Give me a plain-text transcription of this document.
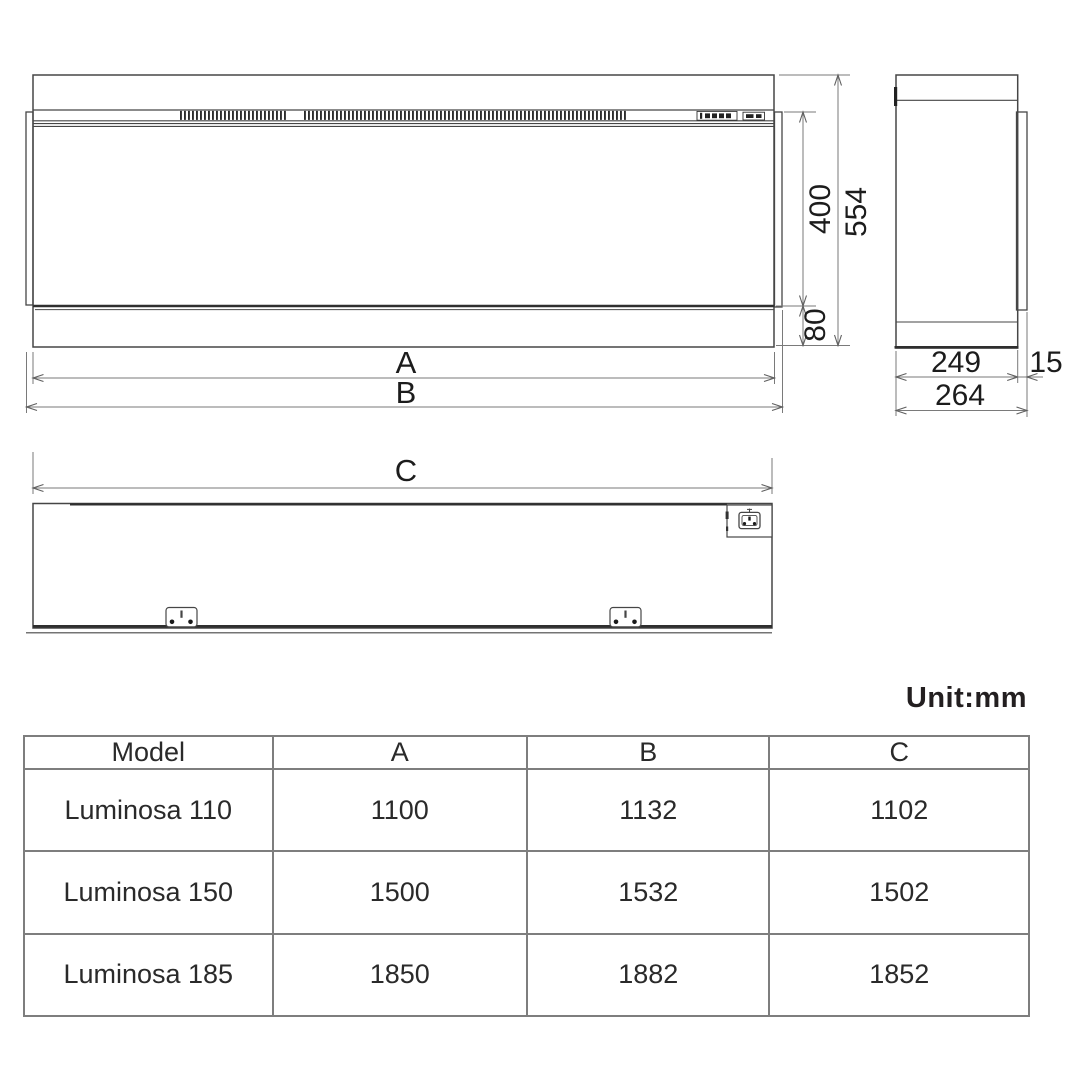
400 554
80
A
B
249 15
264
C
Unit:mm
Model	A	B	C
Luminosa 110	1100	1132	1102
Luminosa 150	1500	1532	1502
Luminosa 185	1850	1882	1852
